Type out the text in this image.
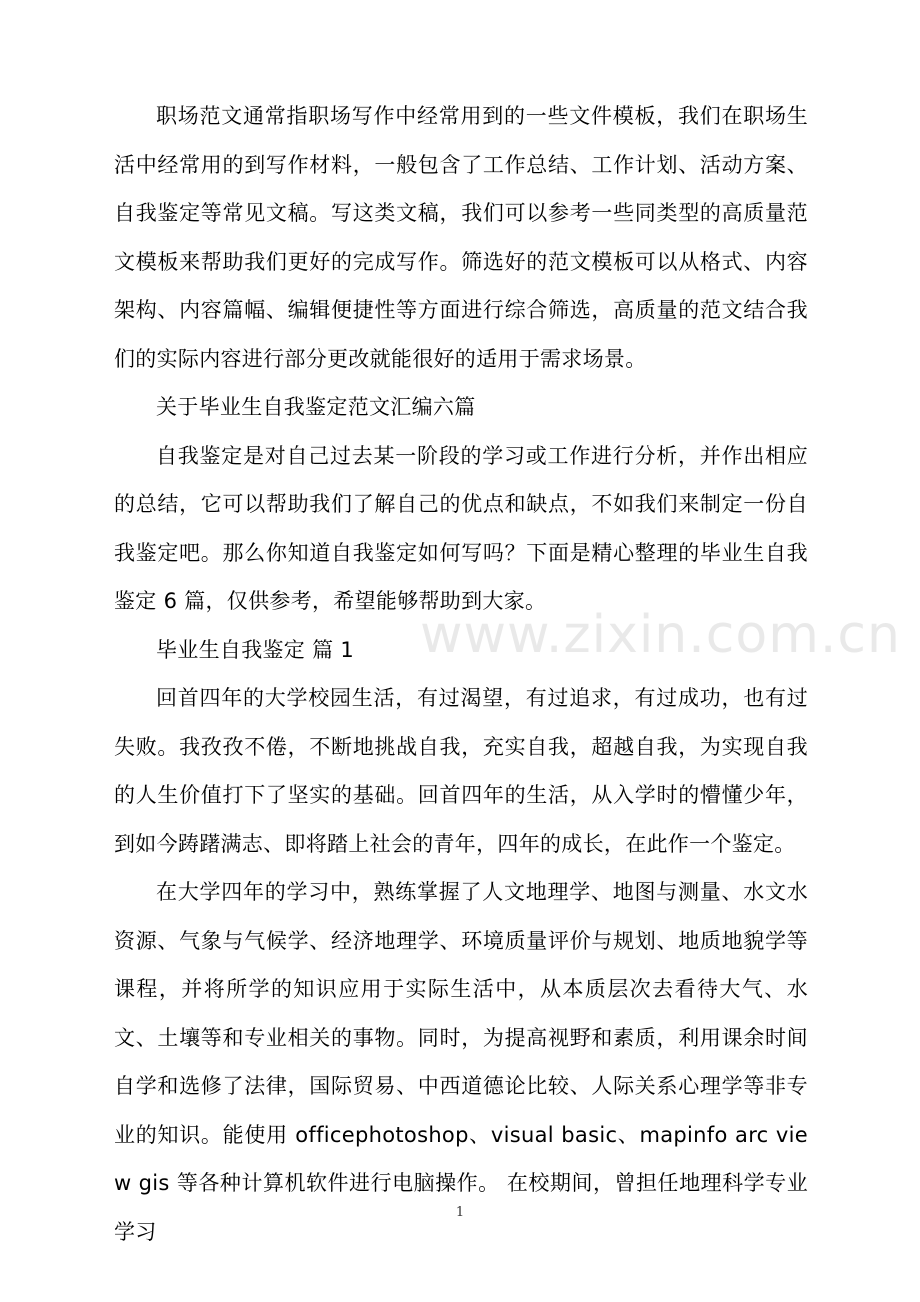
www.zixin.com.cn

职场范文通常指职场写作中经常用到的一些文件模板，我们在职场生活中经常用的到写作材料，一般包含了工作总结、工作计划、活动方案、自我鉴定等常见文稿。写这类文稿，我们可以参考一些同类型的高质量范文模板来帮助我们更好的完成写作。筛选好的范文模板可以从格式、内容架构、内容篇幅、编辑便捷性等方面进行综合筛选，高质量的范文结合我们的实际内容进行部分更改就能很好的适用于需求场景。

关于毕业生自我鉴定范文汇编六篇

自我鉴定是对自己过去某一阶段的学习或工作进行分析，并作出相应的总结，它可以帮助我们了解自己的优点和缺点，不如我们来制定一份自我鉴定吧。那么你知道自我鉴定如何写吗？下面是精心整理的毕业生自我鉴定 6 篇，仅供参考，希望能够帮助到大家。

毕业生自我鉴定 篇 1

回首四年的大学校园生活，有过渴望，有过追求，有过成功，也有过失败。我孜孜不倦，不断地挑战自我，充实自我，超越自我，为实现自我的人生价值打下了坚实的基础。回首四年的生活，从入学时的懵懂少年，到如今踌躇满志、即将踏上社会的青年，四年的成长，在此作一个鉴定。

在大学四年的学习中，熟练掌握了人文地理学、地图与测量、水文水资源、气象与气候学、经济地理学、环境质量评价与规划、地质地貌学等课程，并将所学的知识应用于实际生活中，从本质层次去看待大气、水文、土壤等和专业相关的事物。同时，为提高视野和素质，利用课余时间自学和选修了法律，国际贸易、中西道德论比较、人际关系心理学等非专业的知识。能使用 officephotoshop、visual basic、mapinfo arc view gis 等各种计算机软件进行电脑操作。 在校期间，曾担任地理科学专业学习

1
